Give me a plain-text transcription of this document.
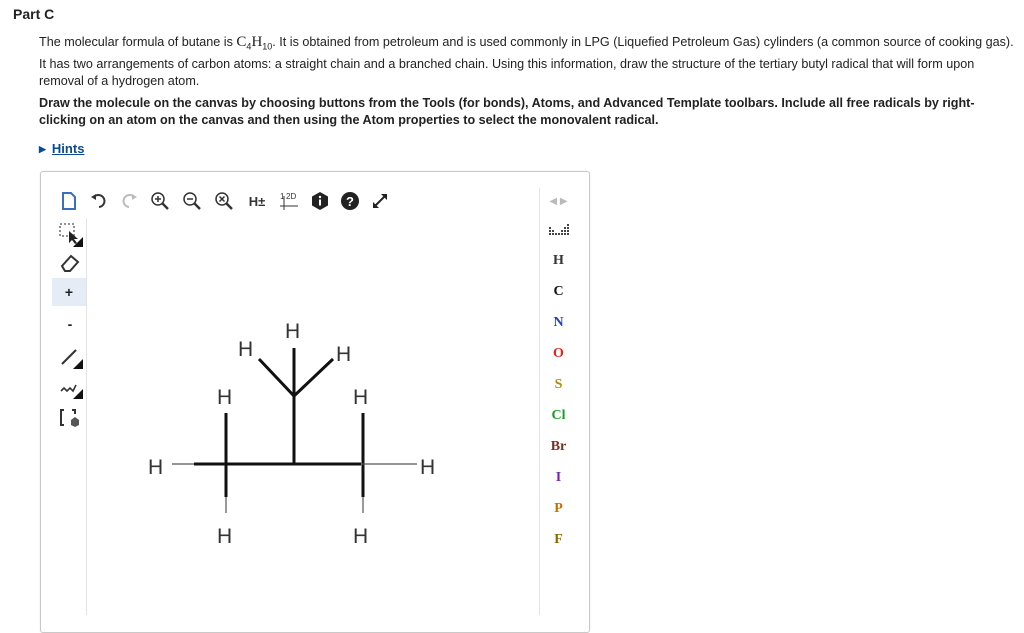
Part C
The molecular formula of butane is $C_4H_{10}$. It is obtained from petroleum and is used commonly in LPG (Liquefied Petroleum Gas) cylinders (a common source of cooking gas). It has two arrangements of carbon atoms: a straight chain and a branched chain. Using this information, draw the structure of the tertiary butyl radical that will form upon removal of a hydrogen atom.
Draw the molecule on the canvas by choosing buttons from the Tools (for bonds), Atoms, and Advanced Template toolbars. Include all free radicals by right-clicking on an atom on the canvas and then using the Atom properties to select the monovalent radical.
▶ Hints
H±	1 2D	?
+
-
H	H
H	H
H	H
H
H
H
◀ ▶
H
C
N
O
S
Cl
Br
I
P
F
